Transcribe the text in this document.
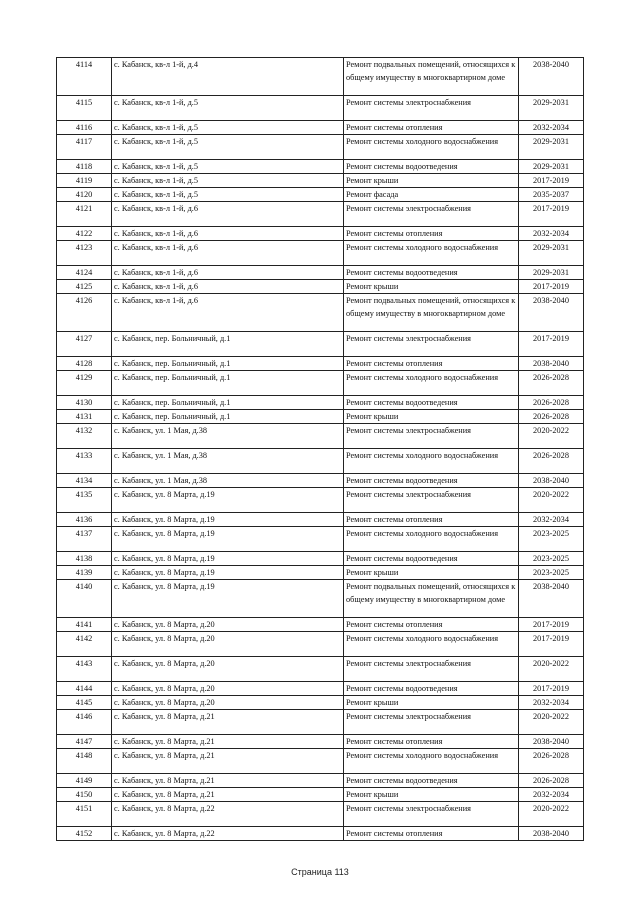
4114	с. Кабанск, кв-л 1-й, д.4	Ремонт подвальных помещений, относящихся к общему имуществу в многоквартирном доме	2038-2040
4115	с. Кабанск, кв-л 1-й, д.5	Ремонт системы электроснабжения	2029-2031
4116	с. Кабанск, кв-л 1-й, д.5	Ремонт системы отопления	2032-2034
4117	с. Кабанск, кв-л 1-й, д.5	Ремонт системы холодного водоснабжения	2029-2031
4118	с. Кабанск, кв-л 1-й, д.5	Ремонт системы водоотведения	2029-2031
4119	с. Кабанск, кв-л 1-й, д.5	Ремонт крыши	2017-2019
4120	с. Кабанск, кв-л 1-й, д.5	Ремонт фасада	2035-2037
4121	с. Кабанск, кв-л 1-й, д.6	Ремонт системы электроснабжения	2017-2019
4122	с. Кабанск, кв-л 1-й, д.6	Ремонт системы отопления	2032-2034
4123	с. Кабанск, кв-л 1-й, д.6	Ремонт системы холодного водоснабжения	2029-2031
4124	с. Кабанск, кв-л 1-й, д.6	Ремонт системы водоотведения	2029-2031
4125	с. Кабанск, кв-л 1-й, д.6	Ремонт крыши	2017-2019
4126	с. Кабанск, кв-л 1-й, д.6	Ремонт подвальных помещений, относящихся к общему имуществу в многоквартирном доме	2038-2040
4127	с. Кабанск, пер. Больничный, д.1	Ремонт системы электроснабжения	2017-2019
4128	с. Кабанск, пер. Больничный, д.1	Ремонт системы отопления	2038-2040
4129	с. Кабанск, пер. Больничный, д.1	Ремонт системы холодного водоснабжения	2026-2028
4130	с. Кабанск, пер. Больничный, д.1	Ремонт системы водоотведения	2026-2028
4131	с. Кабанск, пер. Больничный, д.1	Ремонт крыши	2026-2028
4132	с. Кабанск, ул. 1 Мая, д.38	Ремонт системы электроснабжения	2020-2022
4133	с. Кабанск, ул. 1 Мая, д.38	Ремонт системы холодного водоснабжения	2026-2028
4134	с. Кабанск, ул. 1 Мая, д.38	Ремонт системы водоотведения	2038-2040
4135	с. Кабанск, ул. 8 Марта, д.19	Ремонт системы электроснабжения	2020-2022
4136	с. Кабанск, ул. 8 Марта, д.19	Ремонт системы отопления	2032-2034
4137	с. Кабанск, ул. 8 Марта, д.19	Ремонт системы холодного водоснабжения	2023-2025
4138	с. Кабанск, ул. 8 Марта, д.19	Ремонт системы водоотведения	2023-2025
4139	с. Кабанск, ул. 8 Марта, д.19	Ремонт крыши	2023-2025
4140	с. Кабанск, ул. 8 Марта, д.19	Ремонт подвальных помещений, относящихся к общему имуществу в многоквартирном доме	2038-2040
4141	с. Кабанск, ул. 8 Марта, д.20	Ремонт системы отопления	2017-2019
4142	с. Кабанск, ул. 8 Марта, д.20	Ремонт системы холодного водоснабжения	2017-2019
4143	с. Кабанск, ул. 8 Марта, д.20	Ремонт системы электроснабжения	2020-2022
4144	с. Кабанск, ул. 8 Марта, д.20	Ремонт системы водоотведения	2017-2019
4145	с. Кабанск, ул. 8 Марта, д.20	Ремонт крыши	2032-2034
4146	с. Кабанск, ул. 8 Марта, д.21	Ремонт системы электроснабжения	2020-2022
4147	с. Кабанск, ул. 8 Марта, д.21	Ремонт системы отопления	2038-2040
4148	с. Кабанск, ул. 8 Марта, д.21	Ремонт системы холодного водоснабжения	2026-2028
4149	с. Кабанск, ул. 8 Марта, д.21	Ремонт системы водоотведения	2026-2028
4150	с. Кабанск, ул. 8 Марта, д.21	Ремонт крыши	2032-2034
4151	с. Кабанск, ул. 8 Марта, д.22	Ремонт системы электроснабжения	2020-2022
4152	с. Кабанск, ул. 8 Марта, д.22	Ремонт системы отопления	2038-2040
Страница 113
